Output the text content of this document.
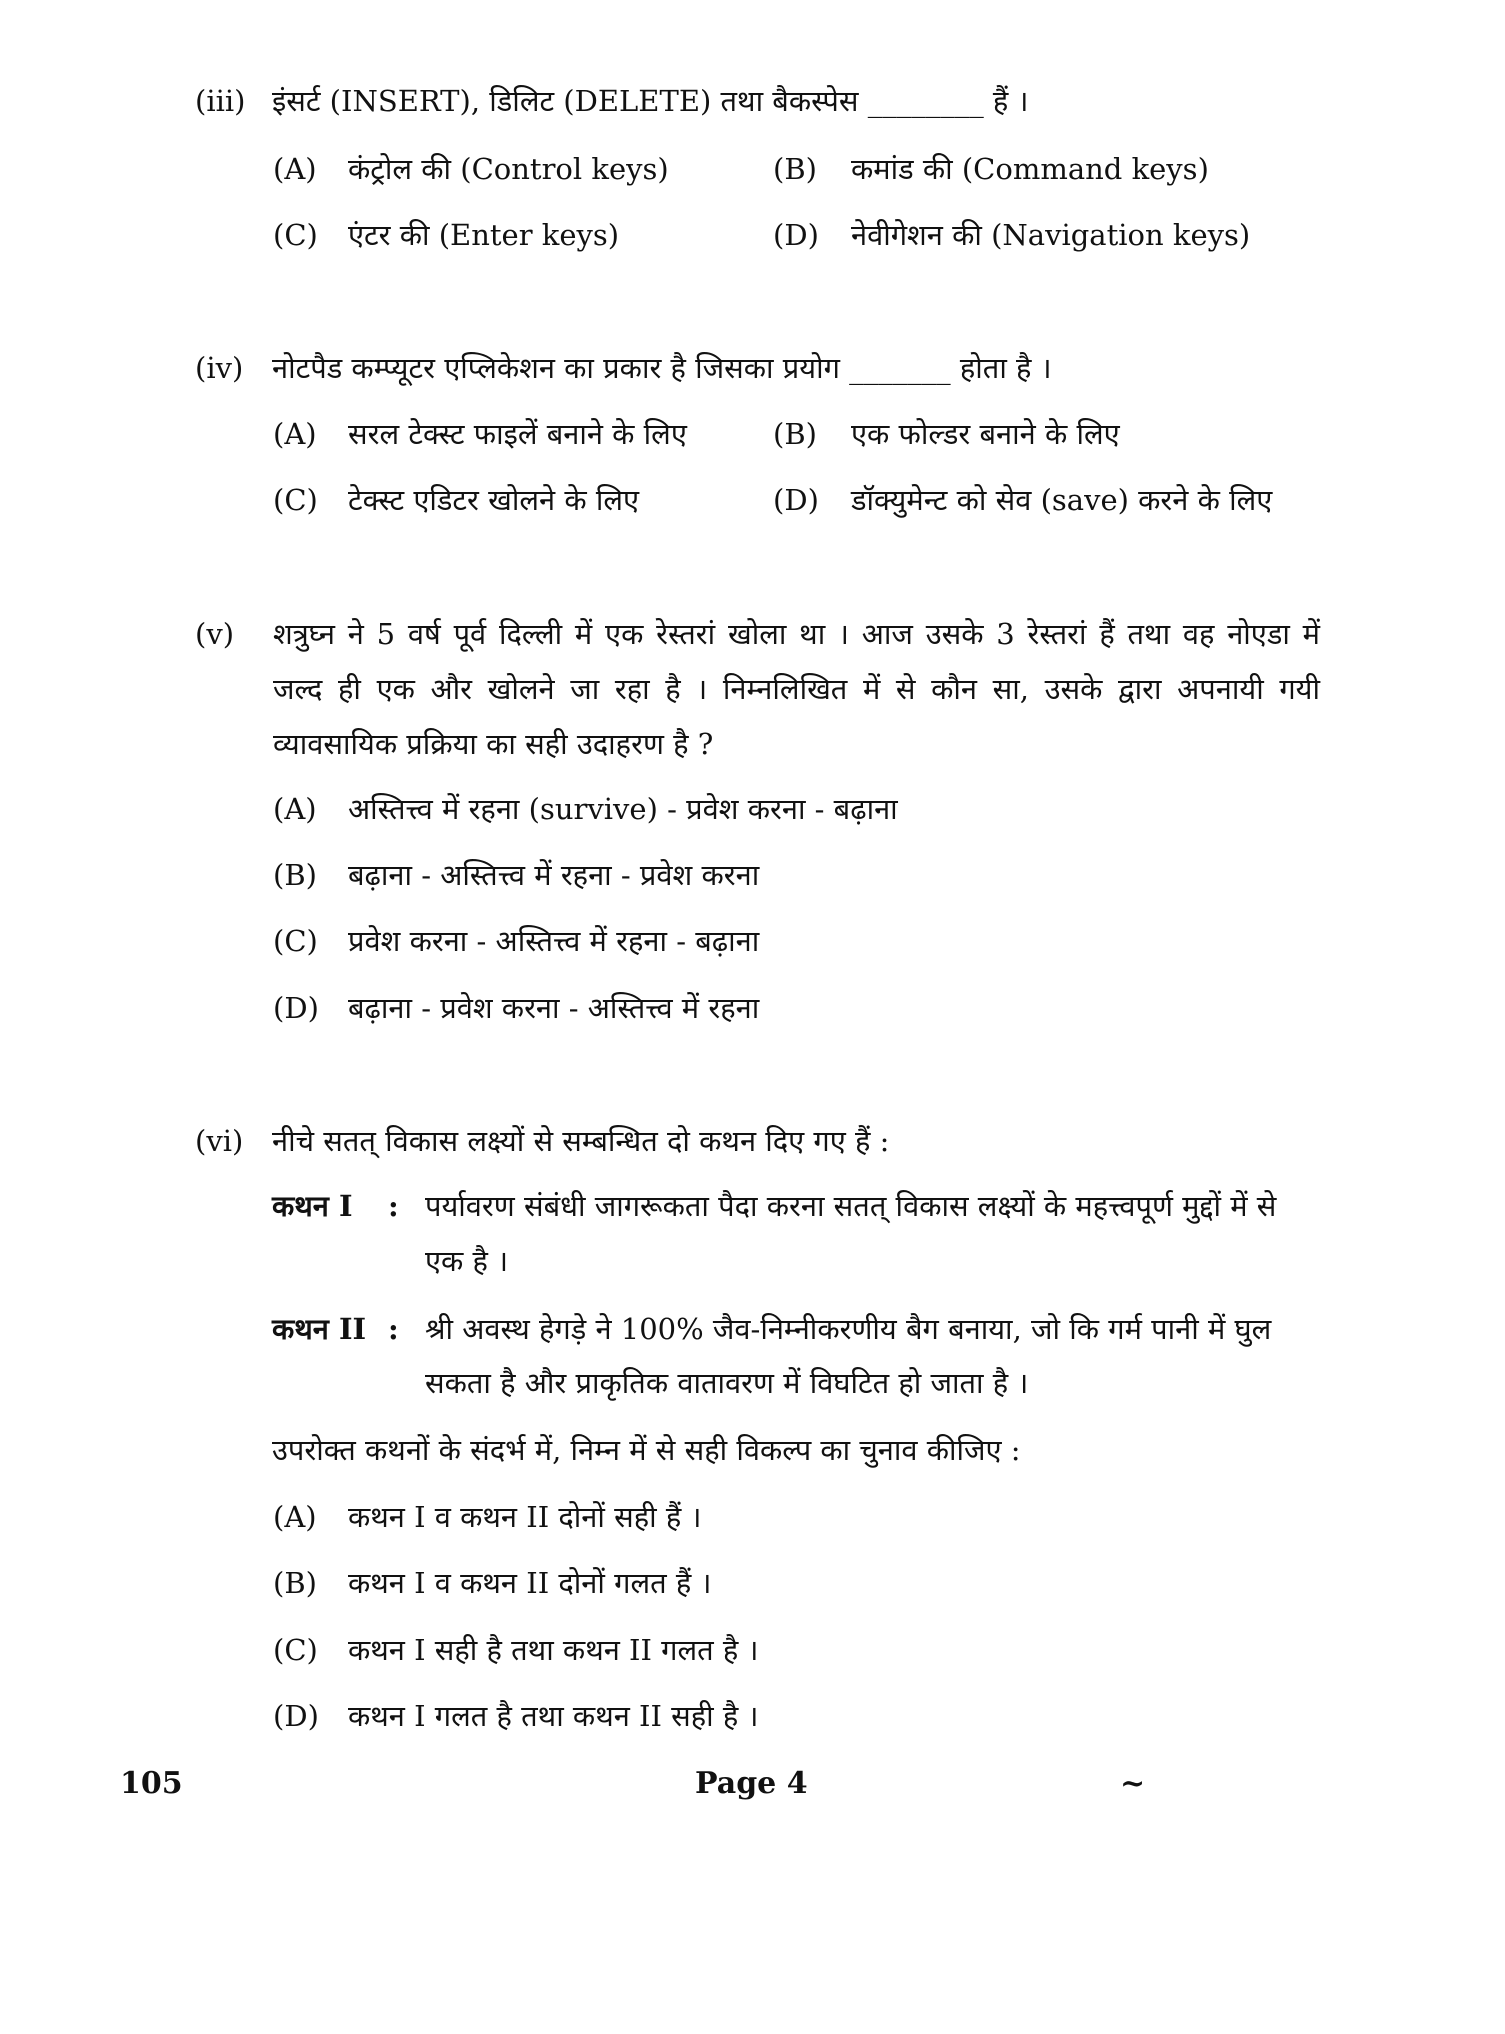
(iii) इंसर्ट (INSERT), डिलिट (DELETE) तथा बैकस्पेस ________ हैं ।
(A) कंट्रोल की (Control keys)	(B) कमांड की (Command keys)
(C) एंटर की (Enter keys)	(D) नेवीगेशन की (Navigation keys)
(iv) नोटपैड कम्प्यूटर एप्लिकेशन का प्रकार है जिसका प्रयोग _______ होता है ।
(A) सरल टेक्स्ट फाइलें बनाने के लिए	(B) एक फोल्डर बनाने के लिए
(C) टेक्स्ट एडिटर खोलने के लिए	(D) डॉक्युमेन्ट को सेव (save) करने के लिए
(v) शत्रुघ्न ने 5 वर्ष पूर्व दिल्ली में एक रेस्तरां खोला था । आज उसके 3 रेस्तरां हैं तथा वह नोएडा में
जल्द ही एक और खोलने जा रहा है । निम्नलिखित में से कौन सा, उसके द्वारा अपनायी गयी
व्यावसायिक प्रक्रिया का सही उदाहरण है ?
(A) अस्तित्त्व में रहना (survive) - प्रवेश करना - बढ़ाना
(B) बढ़ाना - अस्तित्त्व में रहना - प्रवेश करना
(C) प्रवेश करना - अस्तित्त्व में रहना - बढ़ाना
(D) बढ़ाना - प्रवेश करना - अस्तित्त्व में रहना
(vi) नीचे सतत् विकास लक्ष्यों से सम्बन्धित दो कथन दिए गए हैं :
कथन I : पर्यावरण संबंधी जागरूकता पैदा करना सतत् विकास लक्ष्यों के महत्त्वपूर्ण मुद्दों में से
एक है ।
कथन II : श्री अवस्थ हेगड़े ने 100% जैव-निम्नीकरणीय बैग बनाया, जो कि गर्म पानी में घुल
सकता है और प्राकृतिक वातावरण में विघटित हो जाता है ।
उपरोक्त कथनों के संदर्भ में, निम्न में से सही विकल्प का चुनाव कीजिए :
(A) कथन I व कथन II दोनों सही हैं ।
(B) कथन I व कथन II दोनों गलत हैं ।
(C) कथन I सही है तथा कथन II गलत है ।
(D) कथन I गलत है तथा कथन II सही है ।
105	Page 4	~
